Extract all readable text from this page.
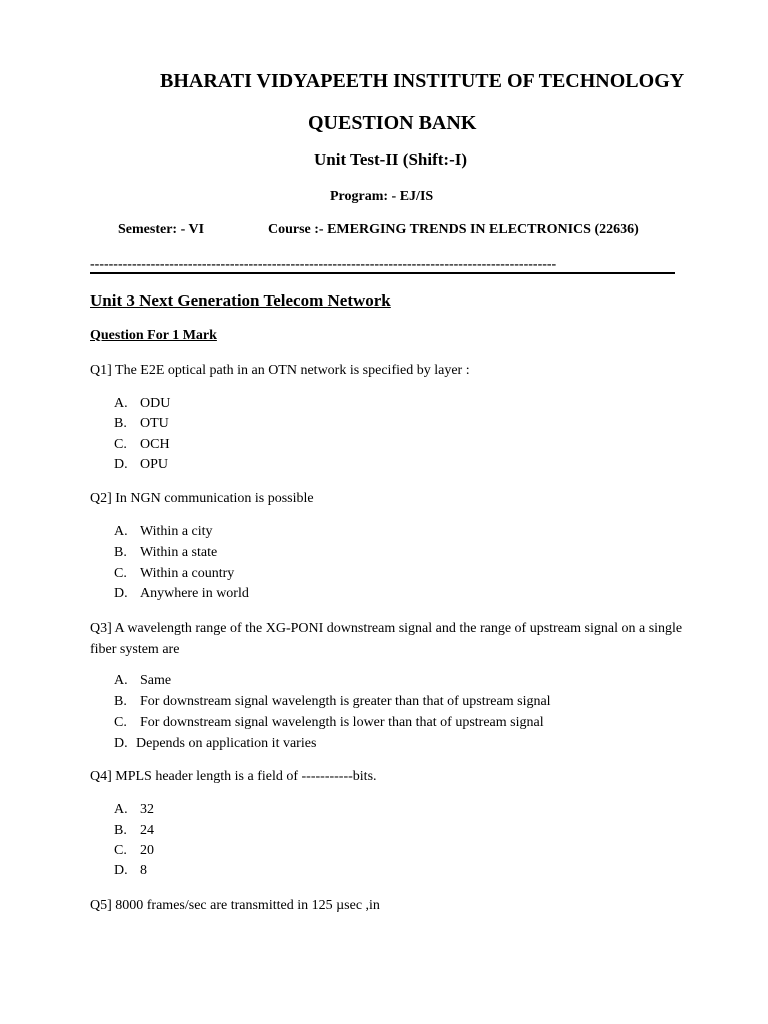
BHARATI VIDYAPEETH INSTITUTE OF TECHNOLOGY
QUESTION BANK
Unit Test-II (Shift:-I)
Program: - EJ/IS
Semester: - VI	Course :- EMERGING TRENDS IN ELECTRONICS (22636)
----------------------------------------------------------------------------------------------------
Unit 3 Next Generation Telecom Network
Question For 1 Mark
Q1] The E2E optical path in an OTN network is specified by layer :
A. ODU
B. OTU
C. OCH
D. OPU
Q2] In NGN communication is possible
A. Within a city
B. Within a state
C. Within a country
D. Anywhere in world
Q3] A wavelength range of the XG-PONI downstream signal and the range of upstream signal on a single fiber system are
A. Same
B. For downstream signal wavelength is greater than that of upstream signal
C. For downstream signal wavelength is lower than that of upstream signal
D. Depends on application it varies
Q4] MPLS header length is a field of -----------bits.
A. 32
B. 24
C. 20
D. 8
Q5] 8000 frames/sec are transmitted in 125 µsec ,in
